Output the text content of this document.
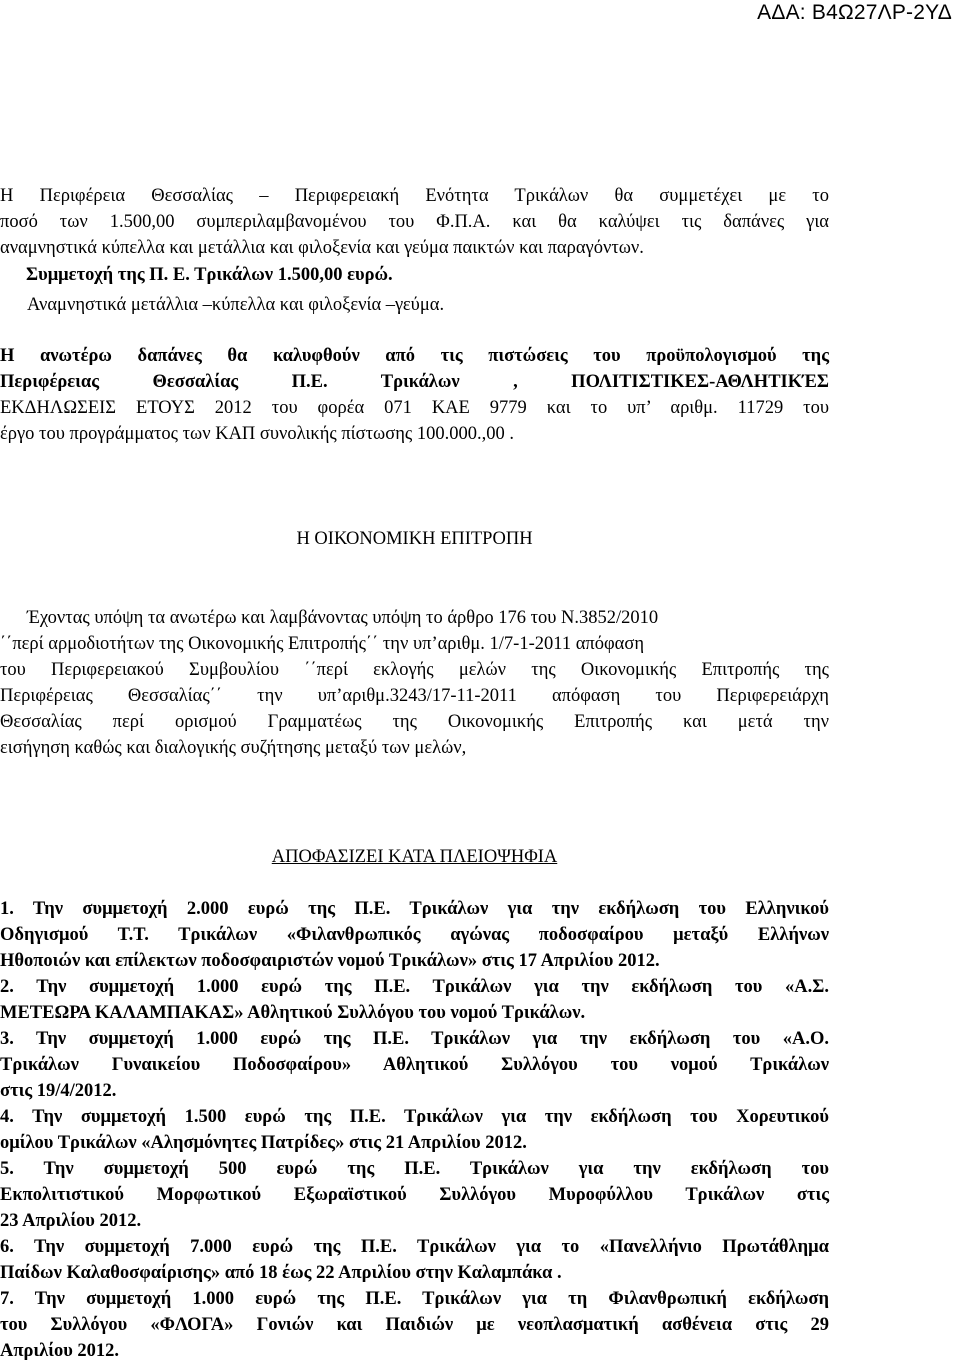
ΑΔΑ: Β4Ω27ΛΡ-2ΥΔ
Η Περιφέρεια Θεσσαλίας – Περιφερειακή Ενότητα Τρικάλων θα συμμετέχει με το
ποσό των 1.500,00 συμπεριλαμβανομένου του Φ.Π.Α. και θα καλύψει τις δαπάνες για
αναμνηστικά κύπελλα και μετάλλια και φιλοξενία και γεύμα παικτών και παραγόντων.
Συμμετοχή της Π. Ε. Τρικάλων 1.500,00 ευρώ.
Αναμνηστικά μετάλλια –κύπελλα και φιλοξενία –γεύμα.
Η ανωτέρω δαπάνες θα καλυφθούν από τις πιστώσεις του προϋπολογισμού της
Περιφέρειας Θεσσαλίας Π.Ε. Τρικάλων , ΠΟΛΙΤΙΣΤΙΚΕΣ-ΑΘΛΗΤΙΚΈΣ
ΕΚΔΗΛΩΣΕΙΣ ΕΤΟΥΣ 2012 του φορέα 071 ΚΑΕ 9779 και το υπ’ αριθμ. 11729 του
έργο του προγράμματος των ΚΑΠ συνολικής πίστωσης 100.000.,00 .
Η ΟΙΚΟΝΟΜΙΚΗ ΕΠΙΤΡΟΠΗ
Έχοντας υπόψη τα ανωτέρω και λαμβάνοντας υπόψη το άρθρο 176 του Ν.3852/2010
΄΄περί αρμοδιοτήτων της Οικονομικής Επιτροπής΄΄ την υπ’αριθμ. 1/7-1-2011 απόφαση
του Περιφερειακού Συμβουλίου ΄΄περί εκλογής μελών της Οικονομικής Επιτροπής της
Περιφέρειας Θεσσαλίας΄΄ την υπ’αριθμ.3243/17-11-2011 απόφαση του Περιφερειάρχη
Θεσσαλίας περί ορισμού Γραμματέως της Οικονομικής Επιτροπής και μετά την
εισήγηση καθώς και διαλογικής συζήτησης μεταξύ των μελών,
ΑΠΟΦΑΣΙΖΕΙ ΚΑΤΑ ΠΛΕΙΟΨΗΦΙΑ
1. Την συμμετοχή 2.000 ευρώ της Π.Ε. Τρικάλων για την εκδήλωση του Ελληνικού
Οδηγισμού Τ.Τ. Τρικάλων «Φιλανθρωπικός αγώνας ποδοσφαίρου μεταξύ Ελλήνων
Ηθοποιών και επίλεκτων ποδοσφαιριστών νομού Τρικάλων» στις 17 Απριλίου 2012.
2. Την συμμετοχή 1.000 ευρώ της Π.Ε. Τρικάλων για την εκδήλωση του «Α.Σ.
ΜΕΤΕΩΡΑ ΚΑΛΑΜΠΑΚΑΣ» Αθλητικού Συλλόγου του νομού Τρικάλων.
3. Την συμμετοχή 1.000 ευρώ της Π.Ε. Τρικάλων για την εκδήλωση του «Α.Ο.
Τρικάλων Γυναικείου Ποδοσφαίρου» Αθλητικού Συλλόγου του νομού Τρικάλων
στις 19/4/2012.
4. Την συμμετοχή 1.500 ευρώ της Π.Ε. Τρικάλων για την εκδήλωση του Χορευτικού
ομίλου Τρικάλων «Αλησμόνητες Πατρίδες» στις 21 Απριλίου 2012.
5. Την συμμετοχή 500 ευρώ της Π.Ε. Τρικάλων για την εκδήλωση του
Εκπολιτιστικού Μορφωτικού Εξωραϊστικού Συλλόγου Μυροφύλλου Τρικάλων στις
23 Απριλίου 2012.
6. Την συμμετοχή 7.000 ευρώ της Π.Ε. Τρικάλων για το «Πανελλήνιο Πρωτάθλημα
Παίδων Καλαθοσφαίρισης» από 18 έως 22 Απριλίου στην Καλαμπάκα .
7. Την συμμετοχή 1.000 ευρώ της Π.Ε. Τρικάλων για τη Φιλανθρωπική εκδήλωση
του Συλλόγου «ΦΛΟΓΑ» Γονιών και Παιδιών με νεοπλασματική ασθένεια στις 29
Απριλίου 2012.
